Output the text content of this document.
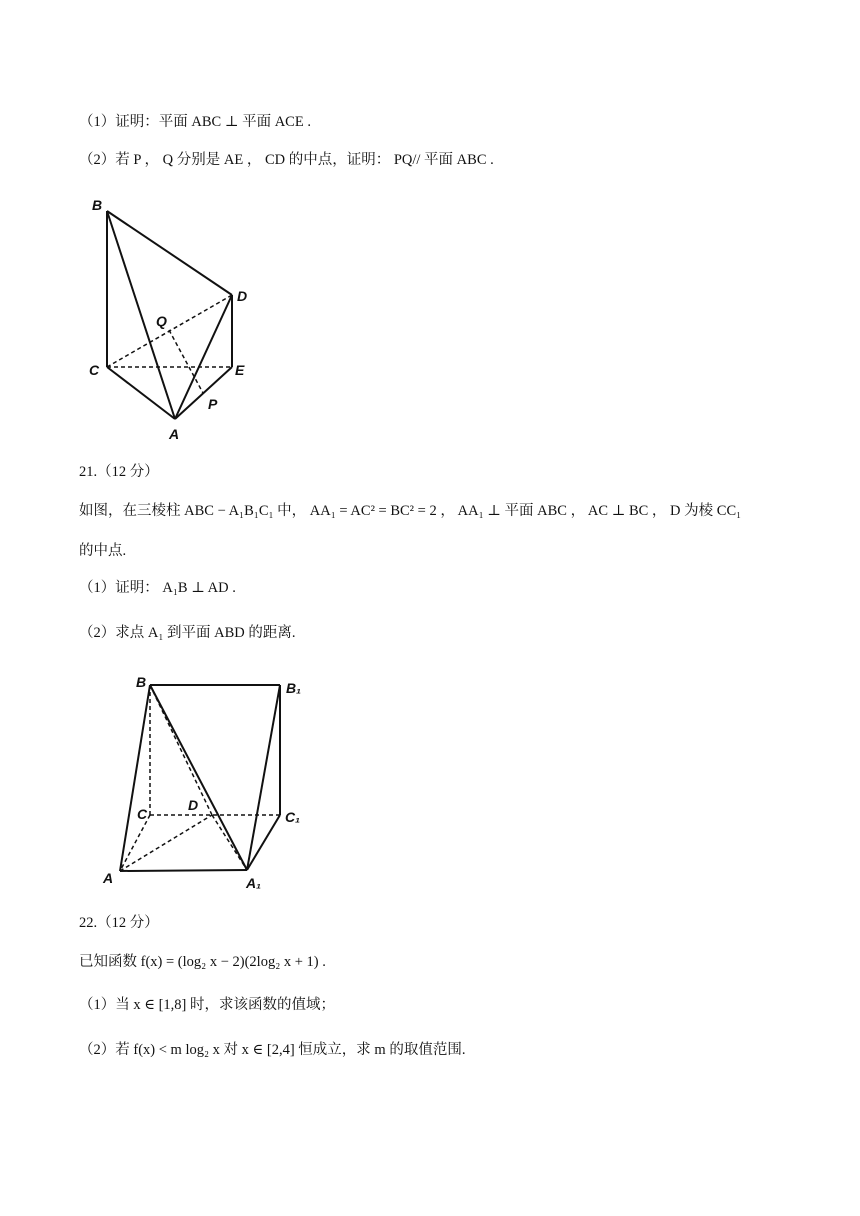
（1）证明：平面 ABC ⊥ 平面 ACE .
（2）若 P ， Q 分别是 AE ， CD 的中点，证明： PQ// 平面 ABC .
B
D
Q
C	E
P
A
21.（12 分）
如图，在三棱柱 ABC − A₁B₁C₁ 中， AA₁ = AC² = BC² = 2 ， AA₁ ⊥ 平面 ABC ， AC ⊥ BC ， D 为棱 CC₁
的中点.
（1）证明： A₁B ⊥ AD .
（2）求点 A₁ 到平面 ABD 的距离.
B	B₁
C
D
C₁
A	A₁
22.（12 分）
已知函数 f(x) = (log₂ x − 2)(2log₂ x + 1) .
（1）当 x ∈ [1,8] 时，求该函数的值域；
（2）若 f(x) < m log₂ x 对 x ∈ [2,4] 恒成立，求 m 的取值范围.
